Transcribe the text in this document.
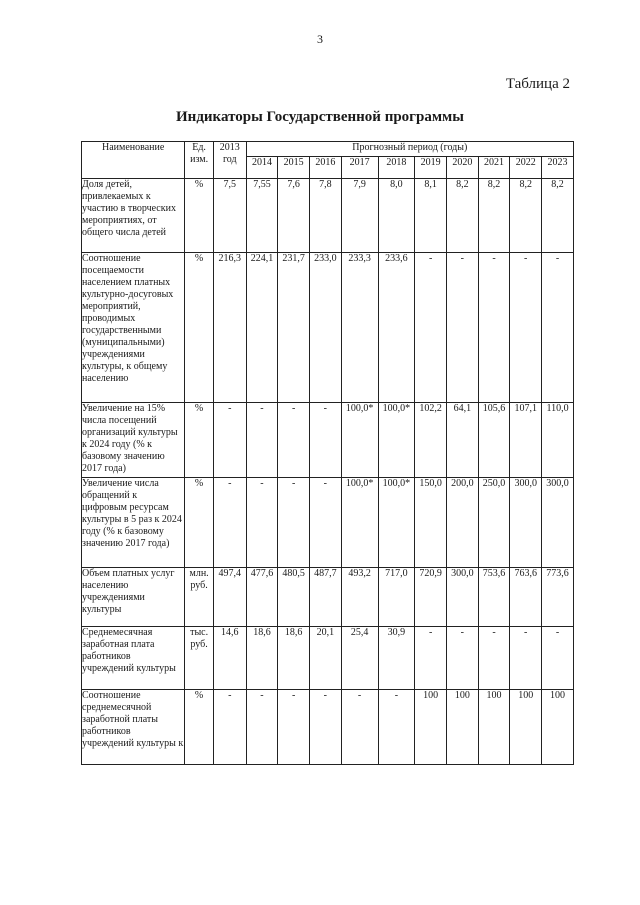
3
Таблица 2
Индикаторы Государственной программы
Наименование	Ед. изм.	2013 год	Прогнозный период (годы)									
			2014	2015	2016	2017	2018	2019	2020	2021	2022	2023
Доля детей, привлекаемых к участию в творческих мероприятиях, от общего числа детей	%	7,5	7,55	7,6	7,8	7,9	8,0	8,1	8,2	8,2	8,2	8,2
Соотношение посещаемости населением платных культурно-досуговых мероприятий, проводимых государственными (муниципальными) учреждениями культуры, к общему населению	%	216,3	224,1	231,7	233,0	233,3	233,6	-	-	-	-	-
Увеличение на 15% числа посещений организаций культуры к 2024 году (% к базовому значению 2017 года)	%	-	-	-	-	100,0*	100,0*	102,2	64,1	105,6	107,1	110,0
Увеличение числа обращений к цифровым ресурсам культуры в 5 раз к 2024 году (% к базовому значению 2017 года)	%	-	-	-	-	100,0*	100,0*	150,0	200,0	250,0	300,0	300,0
Объем платных услуг населению учреждениями культуры	млн. руб.	497,4	477,6	480,5	487,7	493,2	717,0	720,9	300,0	753,6	763,6	773,6
Среднемесячная заработная плата работников учреждений культуры	тыс. руб.	14,6	18,6	18,6	20,1	25,4	30,9	-	-	-	-	-
Соотношение среднемесячной заработной платы работников учреждений культуры к	%	-	-	-	-	-	-	100	100	100	100	100
